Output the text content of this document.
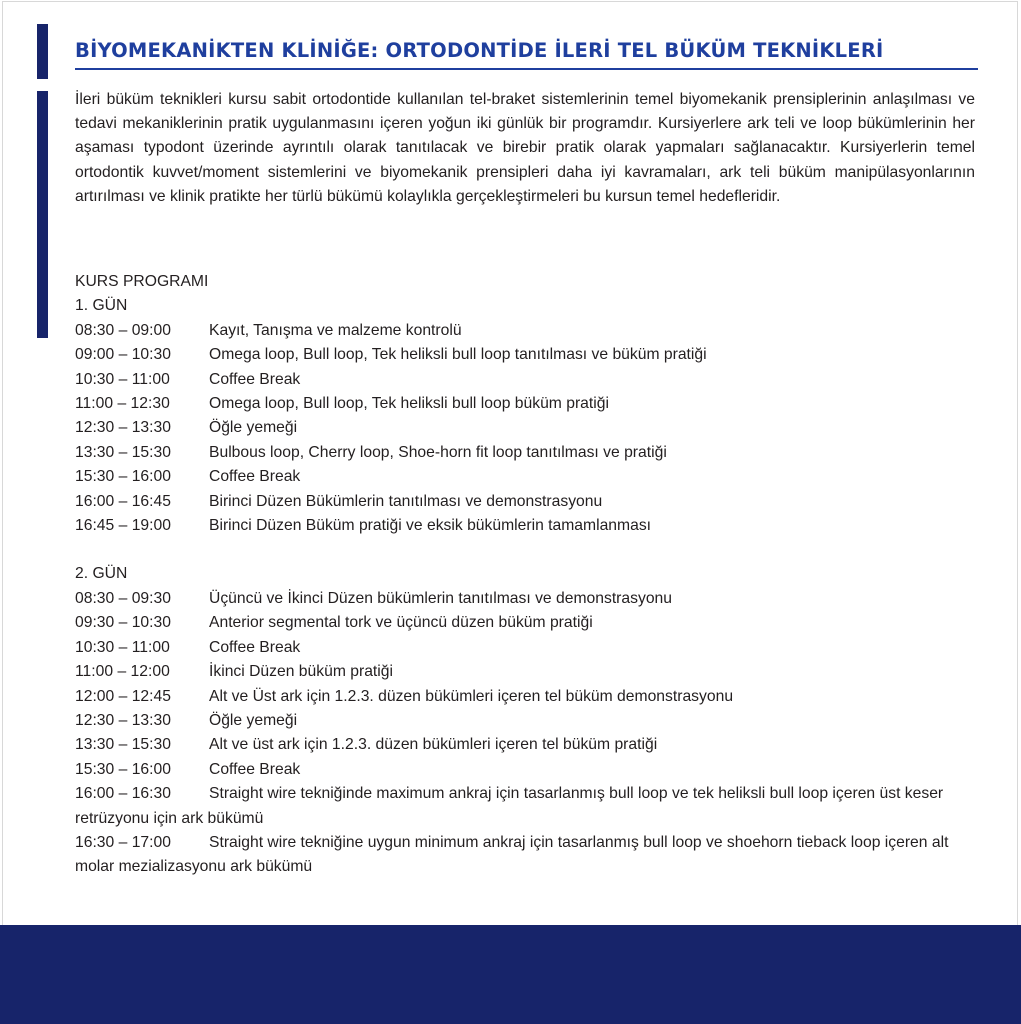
BİYOMEKANİKTEN KLİNİĞE: ORTODONTİDE İLERİ TEL BÜKÜM TEKNİKLERİ

İleri büküm teknikleri kursu sabit ortodontide kullanılan tel-braket sistemlerinin temel biyomekanik prensiplerinin anlaşılması ve tedavi mekaniklerinin pratik uygulanmasını içeren yoğun iki günlük bir programdır. Kursiyerlere ark teli ve loop bükümlerinin her aşaması typodont üzerinde ayrıntılı olarak tanıtılacak ve birebir pratik olarak yapmaları sağlanacaktır. Kursiyerlerin temel ortodontik kuvvet/moment sistemlerini ve biyomekanik prensipleri daha iyi kavramaları, ark teli büküm manipülasyonlarının artırılması ve klinik pratikte her türlü bükümü kolaylıkla gerçekleştirmeleri bu kursun temel hedefleridir.

KURS PROGRAMI

1. GÜN

08:30 – 09:00 Kayıt, Tanışma ve malzeme kontrolü

09:00 – 10:30 Omega loop, Bull loop, Tek heliksli bull loop tanıtılması ve büküm pratiği

10:30 – 11:00 Coffee Break

11:00 – 12:30 Omega loop, Bull loop, Tek heliksli bull loop büküm pratiği

12:30 – 13:30 Öğle yemeği

13:30 – 15:30 Bulbous loop, Cherry loop, Shoe-horn fit loop tanıtılması ve pratiği

15:30 – 16:00 Coffee Break

16:00 – 16:45 Birinci Düzen Bükümlerin tanıtılması ve demonstrasyonu

16:45 – 19:00 Birinci Düzen Büküm pratiği ve eksik bükümlerin tamamlanması

2. GÜN

08:30 – 09:30 Üçüncü ve İkinci Düzen bükümlerin tanıtılması ve demonstrasyonu

09:30 – 10:30 Anterior segmental tork ve üçüncü düzen büküm pratiği

10:30 – 11:00 Coffee Break

11:00 – 12:00 İkinci Düzen büküm pratiği

12:00 – 12:45 Alt ve Üst ark için 1.2.3. düzen bükümleri içeren tel büküm demonstrasyonu

12:30 – 13:30 Öğle yemeği

13:30 – 15:30 Alt ve üst ark için 1.2.3. düzen bükümleri içeren tel büküm pratiği

15:30 – 16:00 Coffee Break

16:00 – 16:30 Straight wire tekniğinde maximum ankraj için tasarlanmış bull loop ve tek heliksli bull loop içeren üst keser retrüzyonu için ark bükümü

16:30 – 17:00 Straight wire tekniğine uygun minimum ankraj için tasarlanmış bull loop ve shoehorn tieback loop içeren alt molar mezializasyonu ark bükümü
